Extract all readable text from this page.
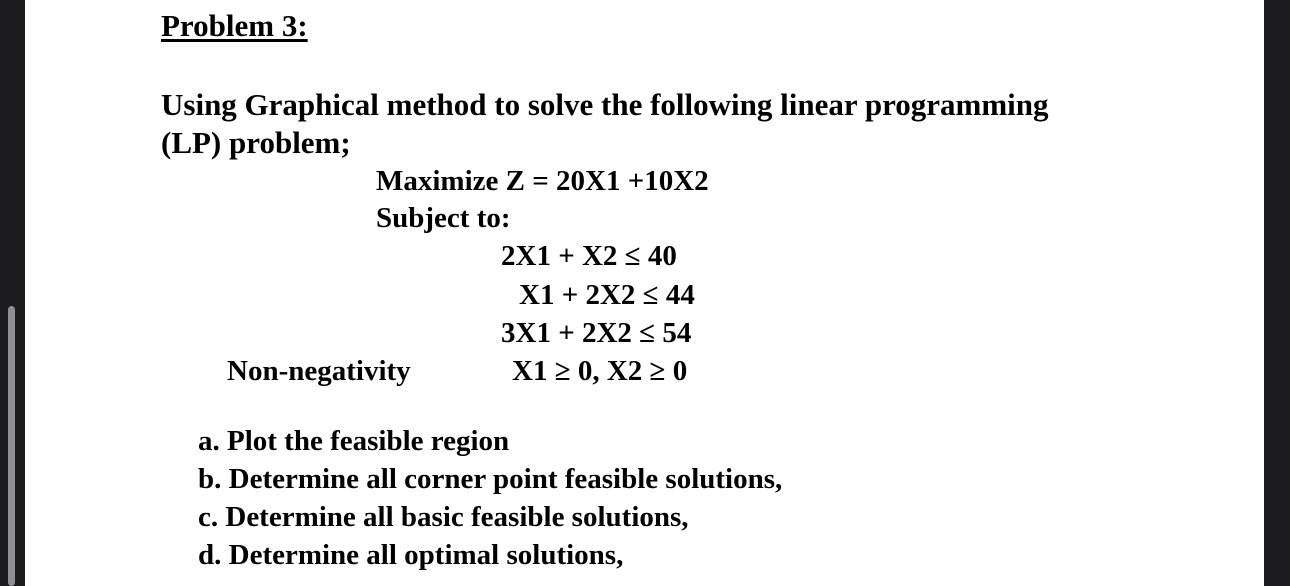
Problem 3:
Using Graphical method to solve the following linear programming
(LP) problem;
Maximize Z = 20X1 +10X2
Subject to:
2X1 + X2 ≤ 40
X1 + 2X2 ≤ 44
3X1 + 2X2 ≤ 54
Non-negativity	X1 ≥ 0, X2 ≥ 0
a. Plot the feasible region
b. Determine all corner point feasible solutions,
c. Determine all basic feasible solutions,
d. Determine all optimal solutions,
